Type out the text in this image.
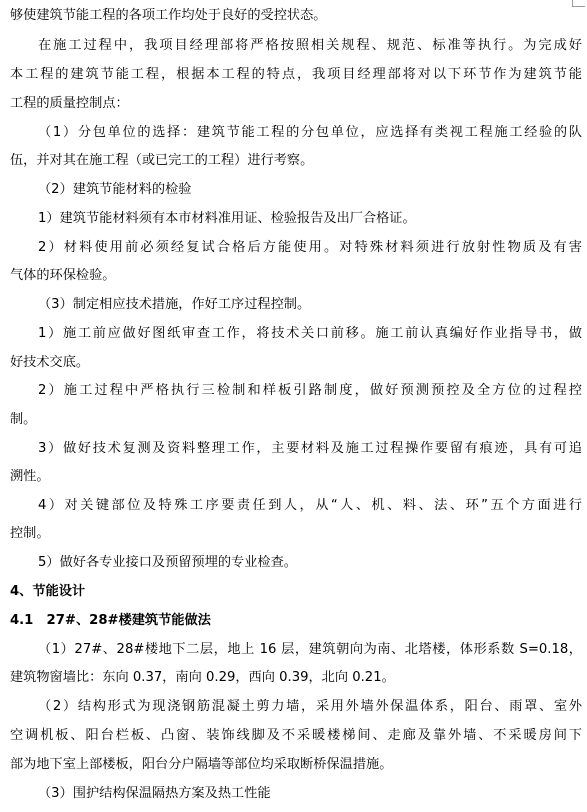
够使建筑节能工程的各项工作均处于良好的受控状态。
在施工过程中，我项目经理部将严格按照相关规程、规范、标准等执行。为完成好
本工程的建筑节能工程，根据本工程的特点，我项目经理部将对以下环节作为建筑节能
工程的质量控制点：
（1）分包单位的选择：建筑节能工程的分包单位，应选择有类视工程施工经验的队
伍，并对其在施工程（或已完工的工程）进行考察。
（2）建筑节能材料的检验
1）建筑节能材料须有本市材料准用证、检验报告及出厂合格证。
2）材料使用前必须经复试合格后方能使用。对特殊材料须进行放射性物质及有害
气体的环保检验。
（3）制定相应技术措施，作好工序过程控制。
1）施工前应做好图纸审查工作，将技术关口前移。施工前认真编好作业指导书，做
好技术交底。
2）施工过程中严格执行三检制和样板引路制度，做好预测预控及全方位的过程控
制。
3）做好技术复测及资料整理工作，主要材料及施工过程操作要留有痕迹，具有可追
溯性。
4）对关键部位及特殊工序要责任到人，从“人、机、料、法、环”五个方面进行
控制。
5）做好各专业接口及预留预埋的专业检查。
4、节能设计
4.1　27#、28#楼建筑节能做法
（1）27#、28#楼地下二层，地上 16 层，建筑朝向为南、北塔楼，体形系数 S=0.18，
建筑物窗墙比：东向 0.37，南向 0.29，西向 0.39，北向 0.21。
（2）结构形式为现浇钢筋混凝土剪力墙，采用外墙外保温体系，阳台、雨罩、室外
空调机板、阳台栏板、凸窗、装饰线脚及不采暖楼梯间、走廊及靠外墙、不采暖房间下
部为地下室上部楼板，阳台分户隔墙等部位均采取断桥保温措施。
（3）围护结构保温隔热方案及热工性能
